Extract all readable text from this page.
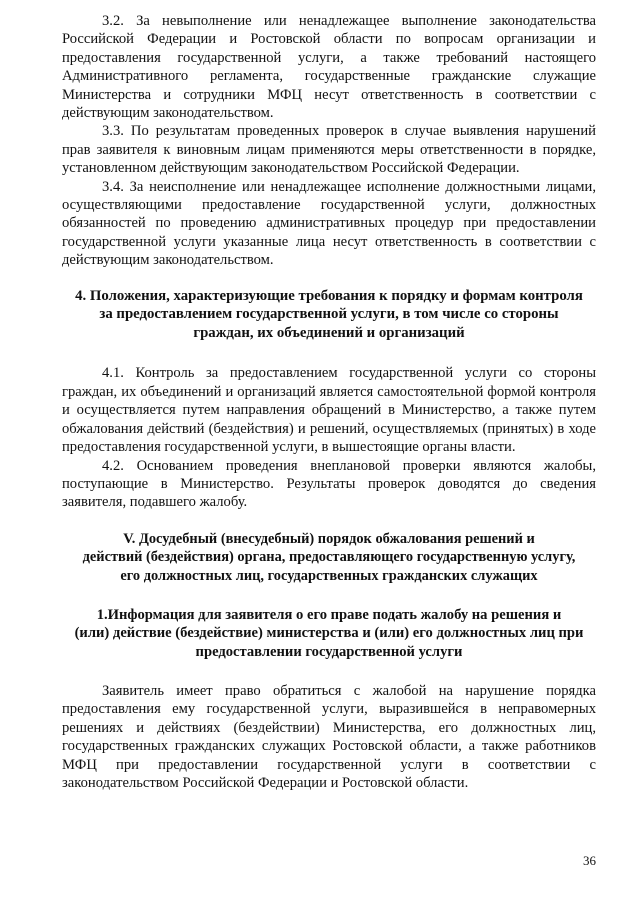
3.2. За невыполнение или ненадлежащее выполнение законодательства Российской Федерации и Ростовской области по вопросам организации и предоставления государственной услуги, а также требований настоящего Административного регламента, государственные гражданские служащие Министерства и сотрудники МФЦ несут ответственность в соответствии с действующим законодательством.

3.3. По результатам проведенных проверок в случае выявления нарушений прав заявителя к виновным лицам применяются меры ответственности в порядке, установленном действующим законодательством Российской Федерации.

3.4. За неисполнение или ненадлежащее исполнение должностными лицами, осуществляющими предоставление государственной услуги, должностных обязанностей по проведению административных процедур при предоставлении государственной услуги указанные лица несут ответственность в соответствии с действующим законодательством.

4. Положения, характеризующие требования к порядку и формам контроля
за предоставлением государственной услуги, в том числе со стороны
граждан, их объединений и организаций

4.1. Контроль за предоставлением государственной услуги со стороны граждан, их объединений и организаций является самостоятельной формой контроля и осуществляется путем направления обращений в Министерство, а также путем обжалования действий (бездействия) и решений, осуществляемых (принятых) в ходе предоставления государственной услуги, в вышестоящие органы власти.

4.2. Основанием проведения внеплановой проверки являются жалобы, поступающие в Министерство. Результаты проверок доводятся до сведения заявителя, подавшего жалобу.

V. Досудебный (внесудебный) порядок обжалования решений и
действий (бездействия) органа, предоставляющего государственную услугу,
его должностных лиц, государственных гражданских служащих
1.Информация для заявителя о его праве подать жалобу на решения и
(или) действие (бездействие) министерства и (или) его должностных лиц при
предоставлении государственной услуги

Заявитель имеет право обратиться с жалобой на нарушение порядка предоставления ему государственной услуги, выразившейся в неправомерных решениях и действиях (бездействии) Министерства, его должностных лиц, государственных гражданских служащих Ростовской области, а также работников МФЦ при предоставлении государственной услуги в соответствии с законодательством Российской Федерации и Ростовской области.

36
